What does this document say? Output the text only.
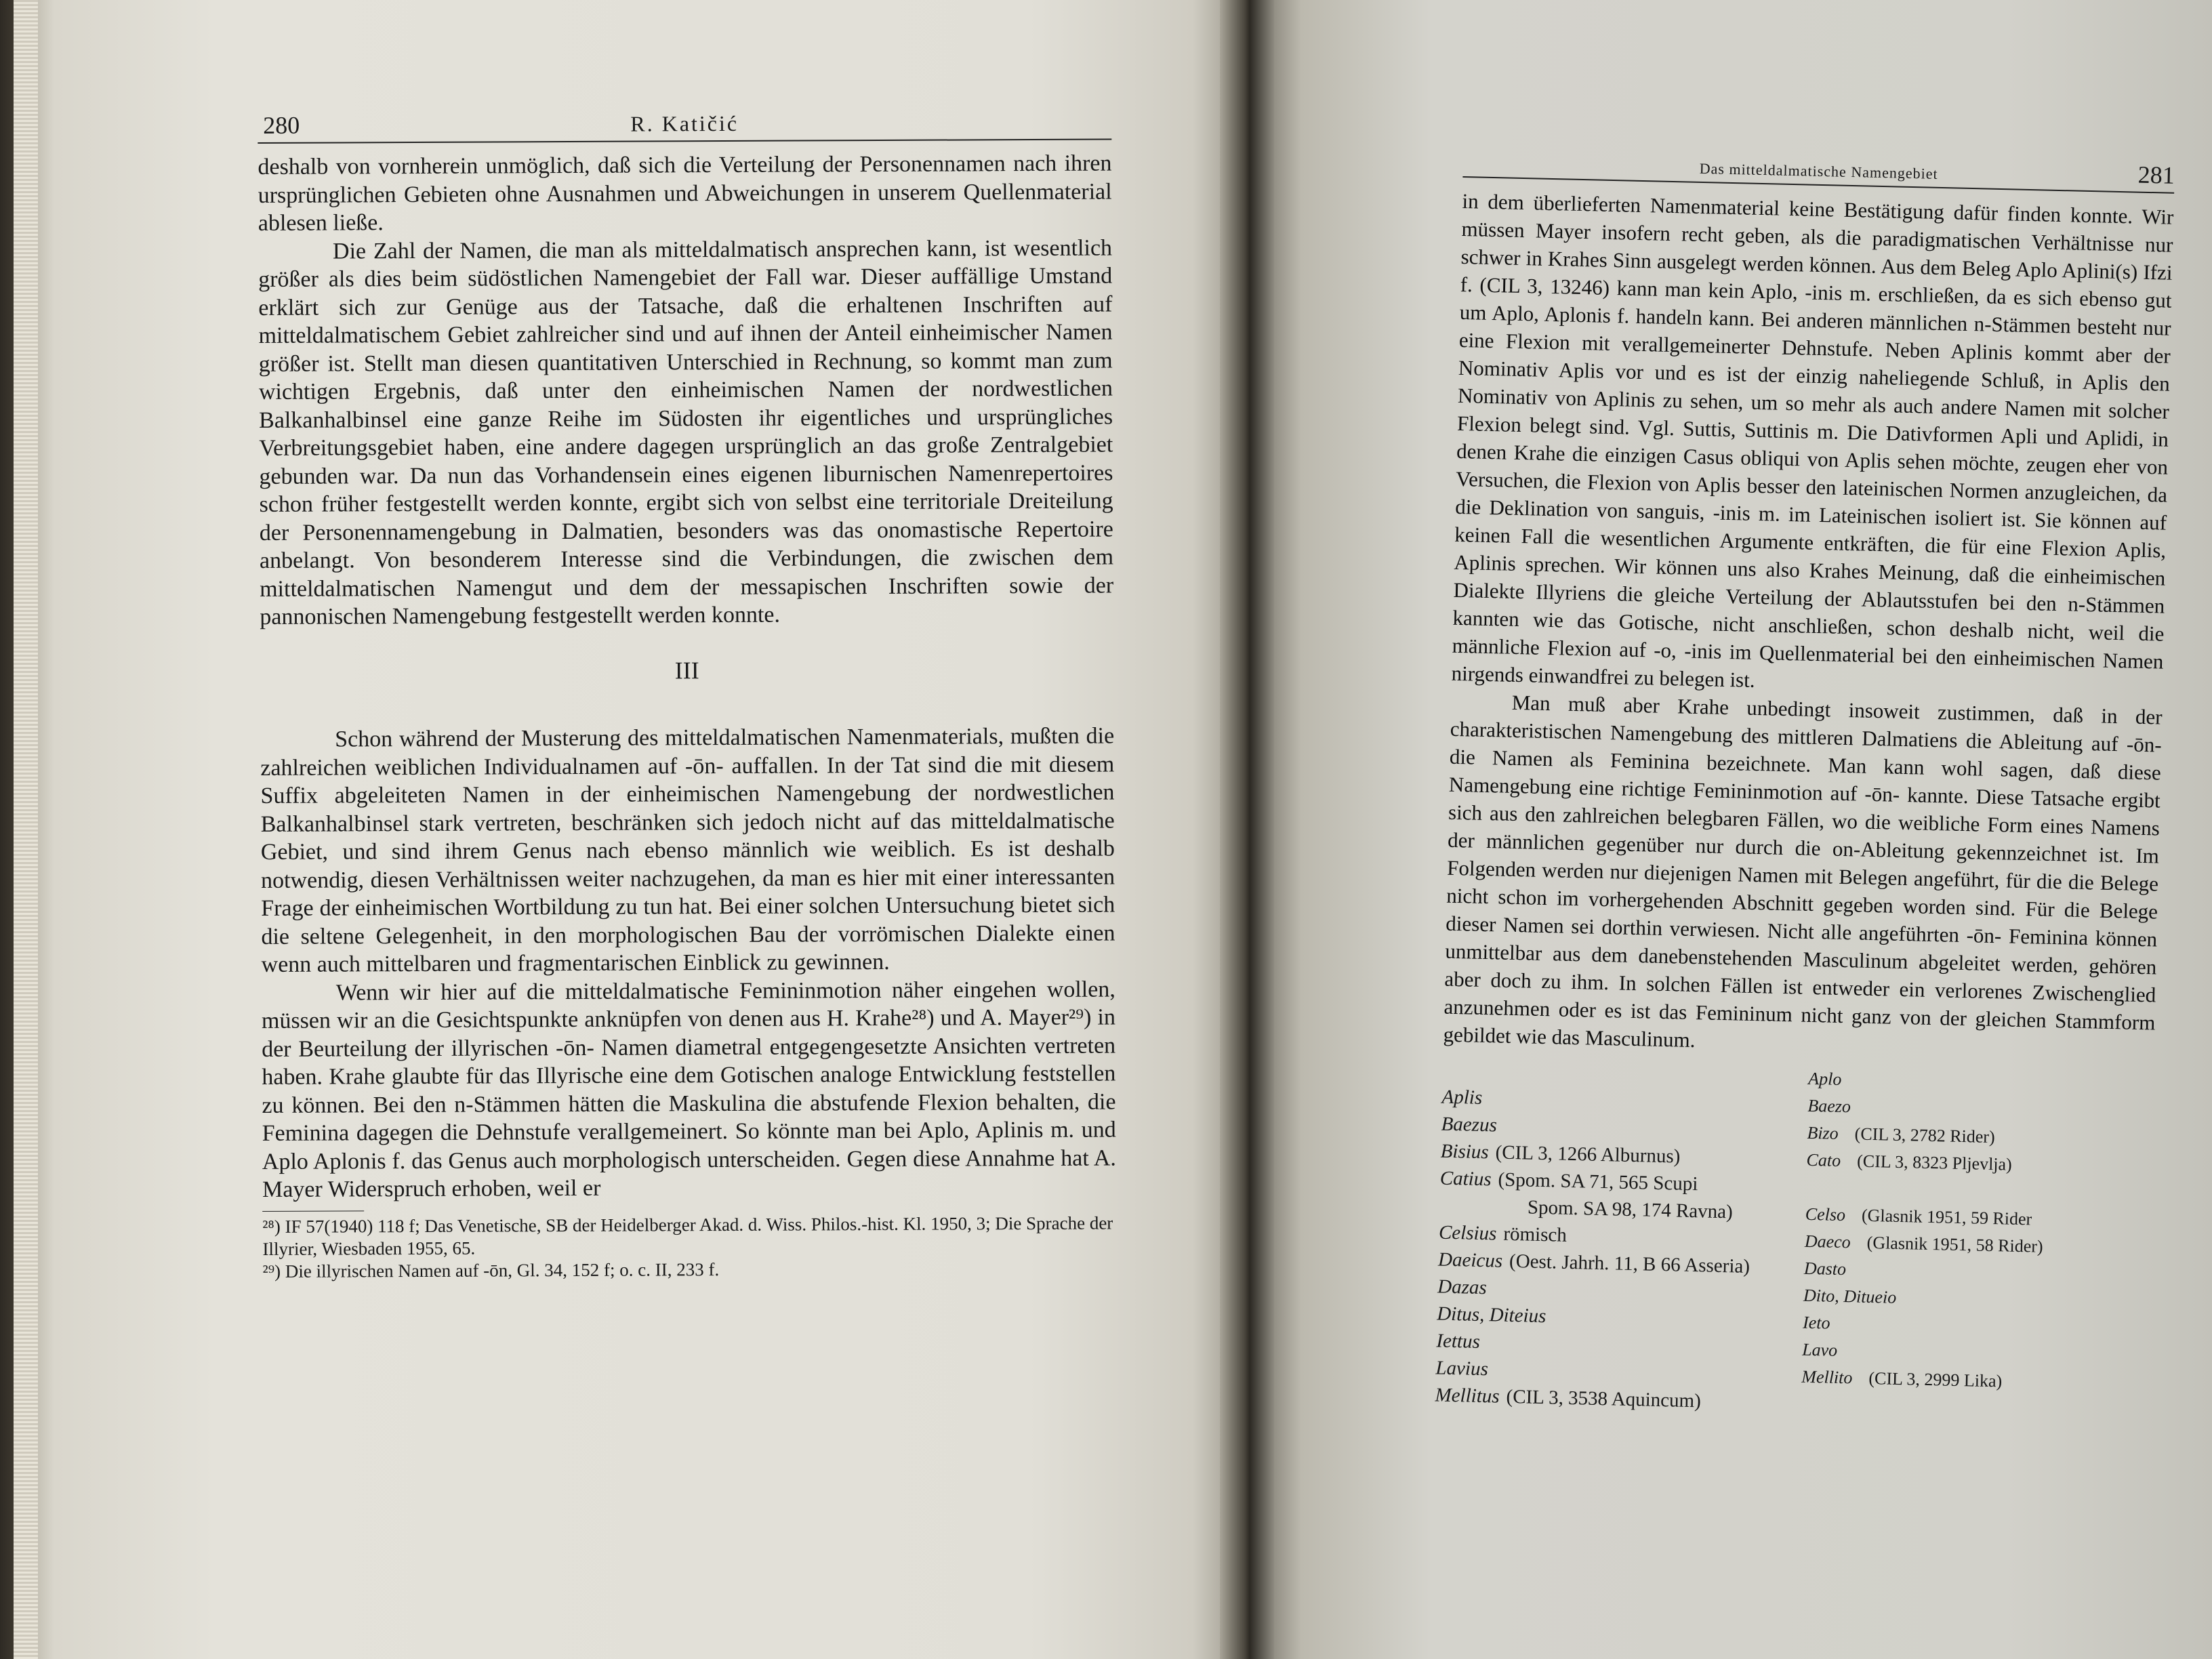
280	R. Katičić

deshalb von vornherein unmöglich, daß sich die Verteilung der Personennamen nach ihren ursprünglichen Gebieten ohne Ausnahmen und Abweichungen in unserem Quellenmaterial ablesen ließe.

Die Zahl der Namen, die man als mitteldalmatisch ansprechen kann, ist wesentlich größer als dies beim südöstlichen Namengebiet der Fall war. Dieser auffällige Umstand erklärt sich zur Genüge aus der Tatsache, daß die erhaltenen Inschriften auf mitteldalmatischem Gebiet zahlreicher sind und auf ihnen der Anteil einheimischer Namen größer ist. Stellt man diesen quantitativen Unterschied in Rechnung, so kommt man zum wichtigen Ergebnis, daß unter den einheimischen Namen der nordwestlichen Balkanhalbinsel eine ganze Reihe im Südosten ihr eigentliches und ursprüngliches Verbreitungsgebiet haben, eine andere dagegen ursprünglich an das große Zentralgebiet gebunden war. Da nun das Vorhandensein eines eigenen liburnischen Namenrepertoires schon früher festgestellt werden konnte, ergibt sich von selbst eine territoriale Dreiteilung der Personennamengebung in Dalmatien, besonders was das onomastische Repertoire anbelangt. Von besonderem Interesse sind die Verbindungen, die zwischen dem mitteldalmatischen Namengut und dem der messapischen Inschriften sowie der pannonischen Namengebung festgestellt werden konnte.

III

Schon während der Musterung des mitteldalmatischen Namenmaterials, mußten die zahlreichen weiblichen Individualnamen auf -ōn- auffallen. In der Tat sind die mit diesem Suffix abgeleiteten Namen in der einheimischen Namengebung der nordwestlichen Balkanhalbinsel stark vertreten, beschränken sich jedoch nicht auf das mitteldalmatische Gebiet, und sind ihrem Genus nach ebenso männlich wie weiblich. Es ist deshalb notwendig, diesen Verhältnissen weiter nachzugehen, da man es hier mit einer interessanten Frage der einheimischen Wortbildung zu tun hat. Bei einer solchen Untersuchung bietet sich die seltene Gelegenheit, in den morphologischen Bau der vorrömischen Dialekte einen wenn auch mittelbaren und fragmentarischen Einblick zu gewinnen.

Wenn wir hier auf die mitteldalmatische Femininmotion näher eingehen wollen, müssen wir an die Gesichtspunkte anknüpfen von denen aus H. Krahe²⁸) und A. Mayer²⁹) in der Beurteilung der illyrischen -ōn- Namen diametral entgegengesetzte Ansichten vertreten haben. Krahe glaubte für das Illyrische eine dem Gotischen analoge Entwicklung feststellen zu können. Bei den n-Stämmen hätten die Maskulina die abstufende Flexion behalten, die Feminina dagegen die Dehnstufe verallgemeinert. So könnte man bei Aplo, Aplinis m. und Aplo Aplonis f. das Genus auch morphologisch unterscheiden. Gegen diese Annahme hat A. Mayer Widerspruch erhoben, weil er

²⁸) IF 57(1940) 118 f; Das Venetische, SB der Heidelberger Akad. d. Wiss. Philos.-hist. Kl. 1950, 3; Die Sprache der Illyrier, Wiesbaden 1955, 65.

²⁹) Die illyrischen Namen auf -ōn, Gl. 34, 152 f; o. c. II, 233 f.

Das mitteldalmatische Namengebiet	281

in dem überlieferten Namenmaterial keine Bestätigung dafür finden konnte. Wir müssen Mayer insofern recht geben, als die paradigmatischen Verhältnisse nur schwer in Krahes Sinn ausgelegt werden können. Aus dem Beleg Aplo Aplini(s) Ifzi f. (CIL 3, 13246) kann man kein Aplo, -inis m. erschließen, da es sich ebenso gut um Aplo, Aplonis f. handeln kann. Bei anderen männlichen n-Stämmen besteht nur eine Flexion mit verallgemeinerter Dehnstufe. Neben Aplinis kommt aber der Nominativ Aplis vor und es ist der einzig naheliegende Schluß, in Aplis den Nominativ von Aplinis zu sehen, um so mehr als auch andere Namen mit solcher Flexion belegt sind. Vgl. Suttis, Suttinis m. Die Dativformen Apli und Aplidi, in denen Krahe die einzigen Casus obliqui von Aplis sehen möchte, zeugen eher von Versuchen, die Flexion von Aplis besser den lateinischen Normen anzugleichen, da die Deklination von sanguis, -inis m. im Lateinischen isoliert ist. Sie können auf keinen Fall die wesentlichen Argumente entkräften, die für eine Flexion Aplis, Aplinis sprechen. Wir können uns also Krahes Meinung, daß die einheimischen Dialekte Illyriens die gleiche Verteilung der Ablautsstufen bei den n-Stämmen kannten wie das Gotische, nicht anschließen, schon deshalb nicht, weil die männliche Flexion auf -o, -inis im Quellenmaterial bei den einheimischen Namen nirgends einwandfrei zu belegen ist.

Man muß aber Krahe unbedingt insoweit zustimmen, daß in der charakteristischen Namengebung des mittleren Dalmatiens die Ableitung auf -ōn- die Namen als Feminina bezeichnete. Man kann wohl sagen, daß diese Namengebung eine richtige Femininmotion auf -ōn- kannte. Diese Tatsache ergibt sich aus den zahlreichen belegbaren Fällen, wo die weibliche Form eines Namens der männlichen gegenüber nur durch die on-Ableitung gekennzeichnet ist. Im Folgenden werden nur diejenigen Namen mit Belegen angeführt, für die die Belege nicht schon im vorhergehenden Abschnitt gegeben worden sind. Für die Belege dieser Namen sei dorthin verwiesen. Nicht alle angeführten -ōn- Feminina können unmittelbar aus dem danebenstehenden Masculinum abgeleitet werden, gehören aber doch zu ihm. In solchen Fällen ist entweder ein verlorenes Zwischenglied anzunehmen oder es ist das Femininum nicht ganz von der gleichen Stammform gebildet wie das Masculinum.

Aplis
Baezus
Bisius (CIL 3, 1266 Alburnus)
Catius (Spom. SA 71, 565 Scupi
Spom. SA 98, 174 Ravna)
Celsius römisch
Daeicus (Oest. Jahrh. 11, B 66 Asseria)
Dazas
Ditus, Diteius
Iettus
Lavius
Mellitus (CIL 3, 3538 Aquincum)
Aplo
Baezo
Bizo (CIL 3, 2782 Rider)
Cato (CIL 3, 8323 Pljevlja)
Celso (Glasnik 1951, 59 Rider
Daeco (Glasnik 1951, 58 Rider)
Dasto
Dito, Ditueio
Ieto
Lavo
Mellito (CIL 3, 2999 Lika)
